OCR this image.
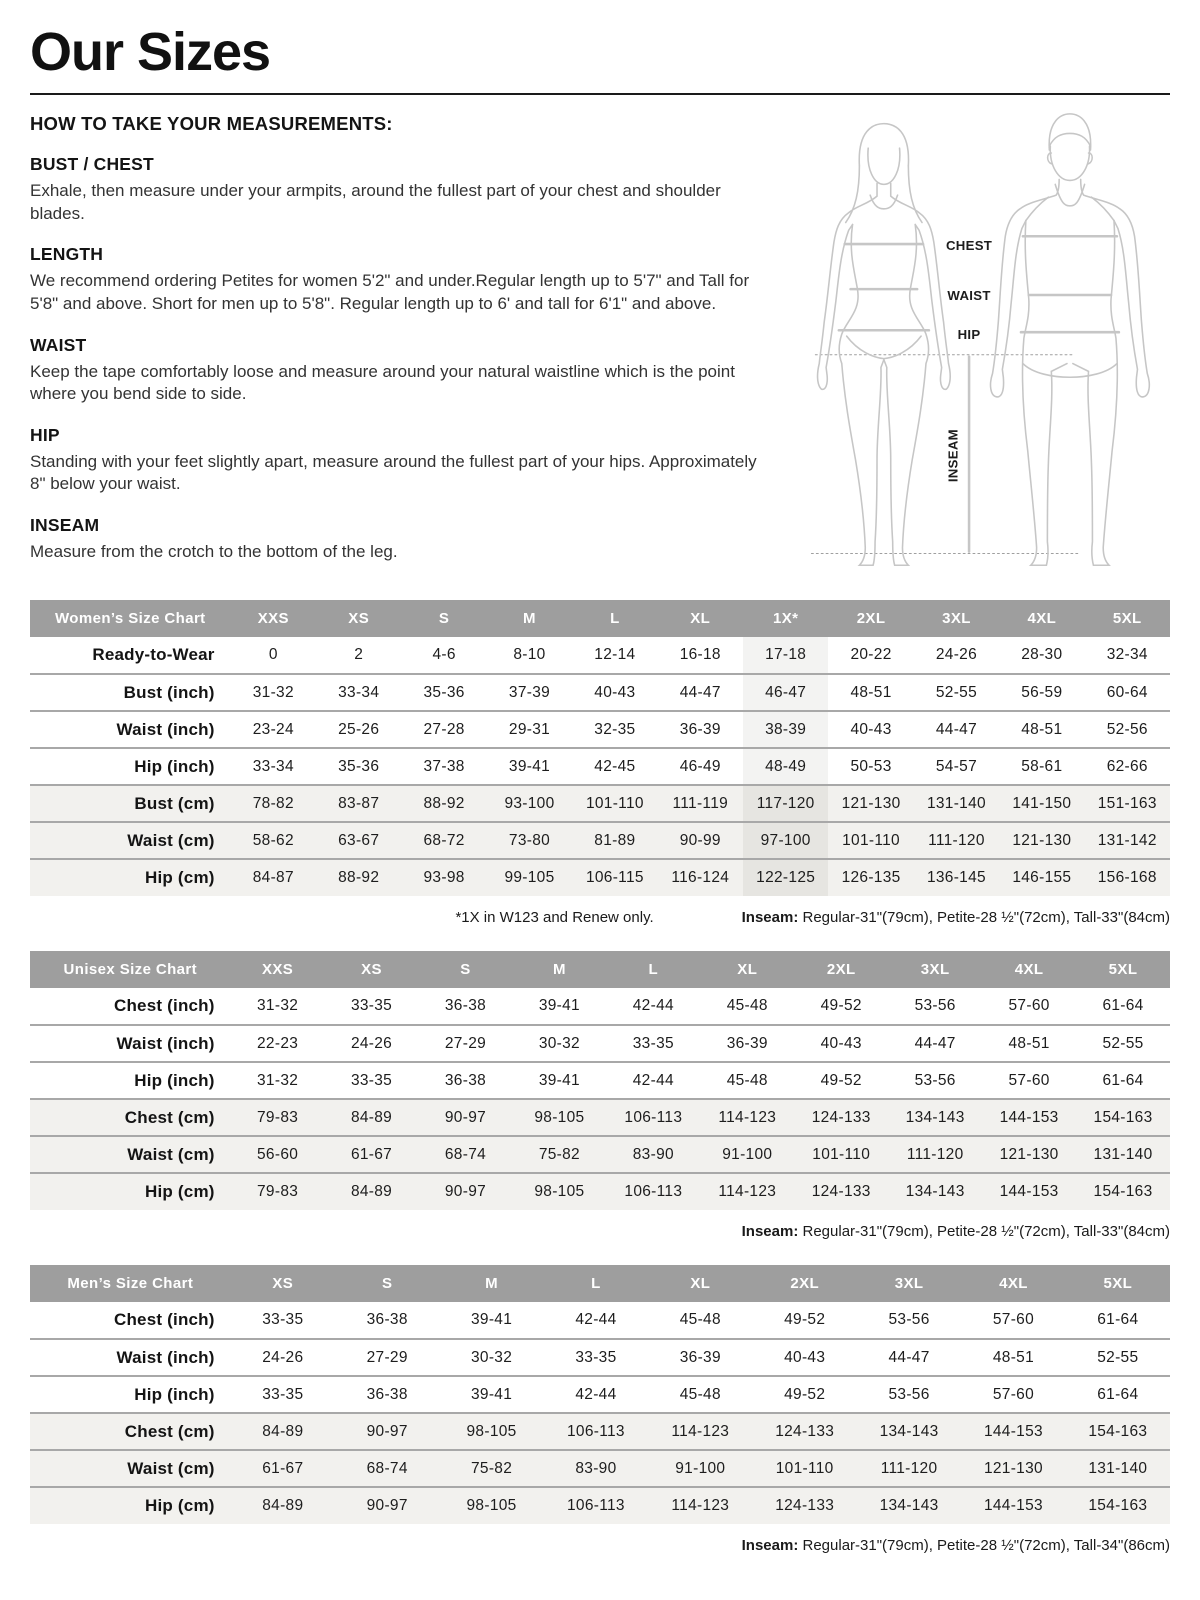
Our Sizes
HOW TO TAKE YOUR MEASUREMENTS:
BUST / CHEST

Exhale, then measure under your armpits, around the fullest part of your chest and shoulder blades.

LENGTH

We recommend ordering Petites for women 5'2" and under.Regular length up to 5'7" and Tall for 5'8" and above. Short for men up to 5'8". Regular length up to 6' and tall for 6'1" and above.

WAIST

Keep the tape comfortably loose and measure around your natural waistline which is the point where you bend side to side.

HIP

Standing with your feet slightly apart, measure around the fullest part of your hips. Approximately 8" below your waist.

INSEAM

Measure from the crotch to the bottom of the leg.

CHEST
WAIST
HIP
INSEAM
Women’s Size Chart	XXS	XS	S	M	L	XL	1X*	2XL	3XL	4XL	5XL
Ready-to-Wear	0	2	4-6	8-10	12-14	16-18	17-18	20-22	24-26	28-30	32-34
Bust (inch)	31-32	33-34	35-36	37-39	40-43	44-47	46-47	48-51	52-55	56-59	60-64
Waist (inch)	23-24	25-26	27-28	29-31	32-35	36-39	38-39	40-43	44-47	48-51	52-56
Hip (inch)	33-34	35-36	37-38	39-41	42-45	46-49	48-49	50-53	54-57	58-61	62-66
Bust (cm)	78-82	83-87	88-92	93-100	101-110	111-119	117-120	121-130	131-140	141-150	151-163
Waist (cm)	58-62	63-67	68-72	73-80	81-89	90-99	97-100	101-110	111-120	121-130	131-142
Hip (cm)	84-87	88-92	93-98	99-105	106-115	116-124	122-125	126-135	136-145	146-155	156-168
*1X in W123 and Renew only.	Inseam: Regular-31"(79cm), Petite-28 ½"(72cm), Tall-33"(84cm)
Unisex Size Chart	XXS	XS	S	M	L	XL	2XL	3XL	4XL	5XL
Chest (inch)	31-32	33-35	36-38	39-41	42-44	45-48	49-52	53-56	57-60	61-64
Waist (inch)	22-23	24-26	27-29	30-32	33-35	36-39	40-43	44-47	48-51	52-55
Hip (inch)	31-32	33-35	36-38	39-41	42-44	45-48	49-52	53-56	57-60	61-64
Chest (cm)	79-83	84-89	90-97	98-105	106-113	114-123	124-133	134-143	144-153	154-163
Waist (cm)	56-60	61-67	68-74	75-82	83-90	91-100	101-110	111-120	121-130	131-140
Hip (cm)	79-83	84-89	90-97	98-105	106-113	114-123	124-133	134-143	144-153	154-163
Inseam: Regular-31"(79cm), Petite-28 ½"(72cm), Tall-33"(84cm)
Men’s Size Chart	XS	S	M	L	XL	2XL	3XL	4XL	5XL
Chest (inch)	33-35	36-38	39-41	42-44	45-48	49-52	53-56	57-60	61-64
Waist (inch)	24-26	27-29	30-32	33-35	36-39	40-43	44-47	48-51	52-55
Hip (inch)	33-35	36-38	39-41	42-44	45-48	49-52	53-56	57-60	61-64
Chest (cm)	84-89	90-97	98-105	106-113	114-123	124-133	134-143	144-153	154-163
Waist (cm)	61-67	68-74	75-82	83-90	91-100	101-110	111-120	121-130	131-140
Hip (cm)	84-89	90-97	98-105	106-113	114-123	124-133	134-143	144-153	154-163
Inseam: Regular-31"(79cm), Petite-28 ½"(72cm), Tall-34"(86cm)
